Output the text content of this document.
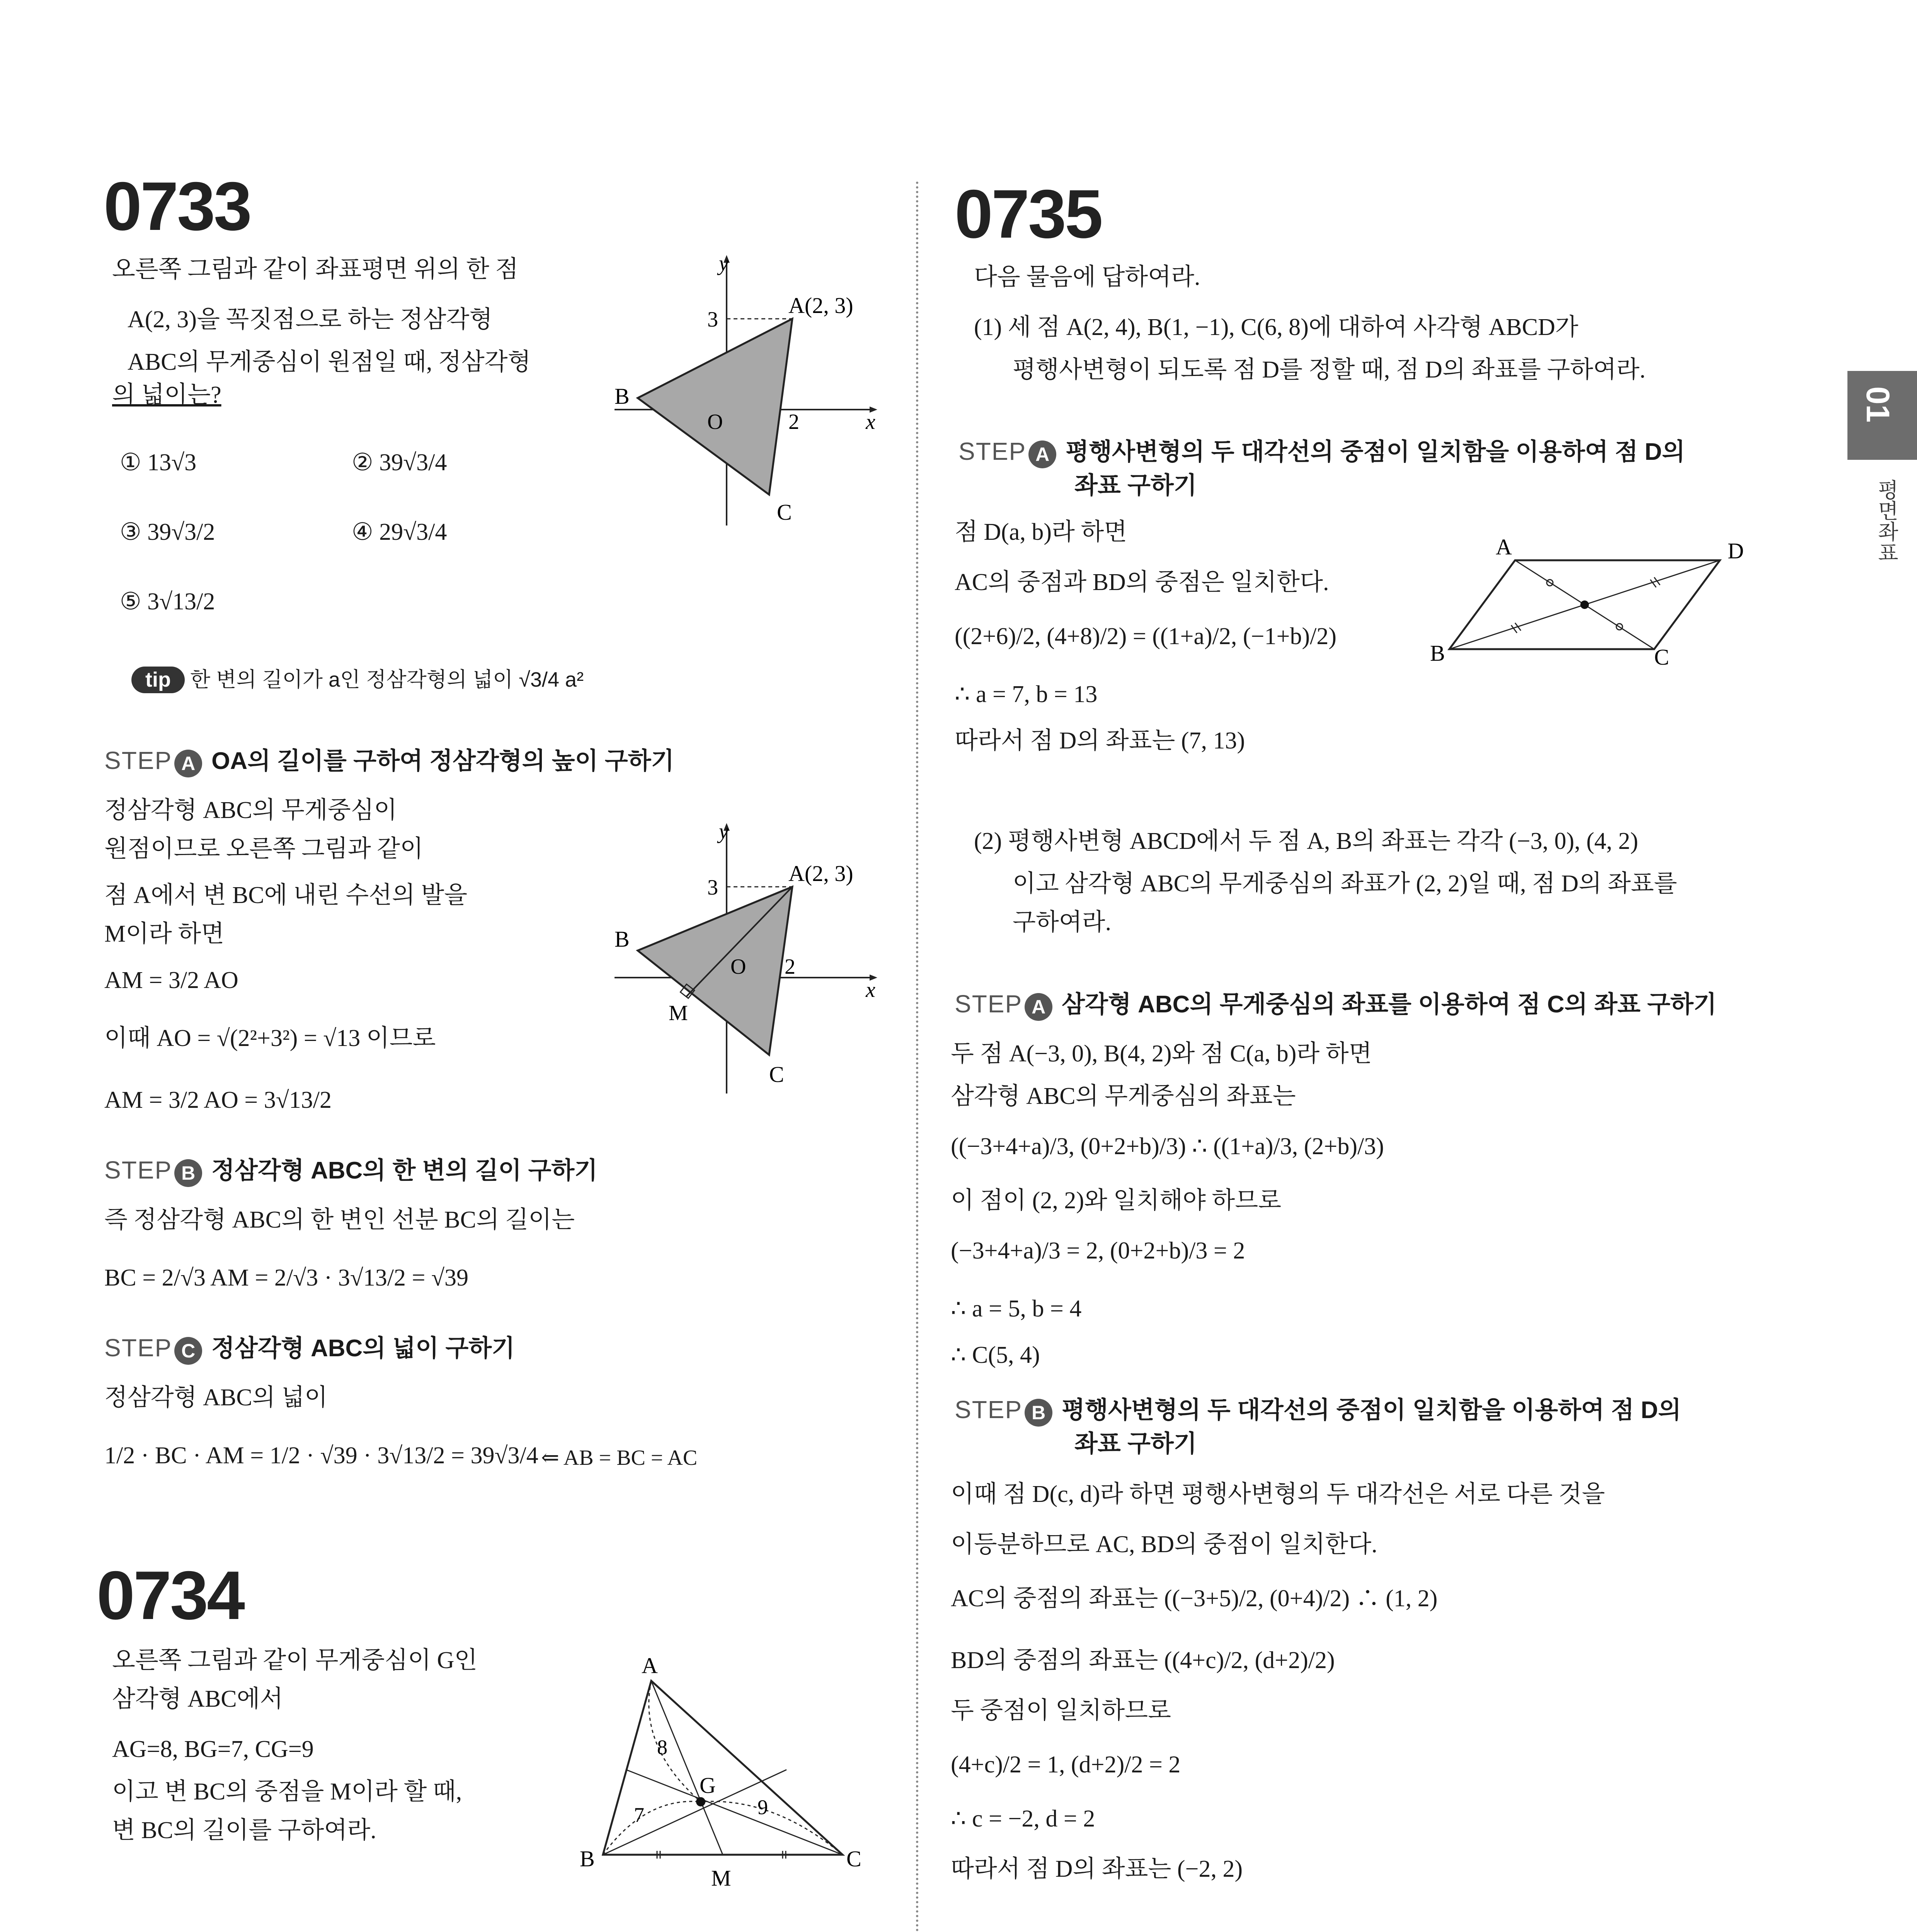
01
평면좌표
0733
오른쪽 그림과 같이 좌표평면 위의 한 점
A(2, 3)을 꼭짓점으로 하는 정삼각형
ABC의 무게중심이 원점일 때, 정삼각형
의 넓이는?
① 13√3	② 39√3/4
③ 39√3/2	④ 29√3/4
⑤ 3√13/2
tip 한 변의 길이가 a인 정삼각형의 넓이 √3/4 a²
y
x
A(2, 3)
3
B
O	2
C
STEP A OA의 길이를 구하여 정삼각형의 높이 구하기
정삼각형 ABC의 무게중심이
원점이므로 오른쪽 그림과 같이
점 A에서 변 BC에 내린 수선의 발을
M이라 하면
AM = 3/2 AO
이때 AO = √(2²+3²) = √13 이므로
AM = 3/2 AO = 3√13/2
y
x
A(2, 3)
3
B
O 2
M
C
STEP B 정삼각형 ABC의 한 변의 길이 구하기
즉 정삼각형 ABC의 한 변인 선분 BC의 길이는
BC = 2/√3 AM = 2/√3 · 3√13/2 = √39
STEP C 정삼각형 ABC의 넓이 구하기
정삼각형 ABC의 넓이
1/2 · BC · AM = 1/2 · √39 · 3√13/2 = 39√3/4 ⇐ AB = BC = AC
0734
오른쪽 그림과 같이 무게중심이 G인
삼각형 ABC에서
AG=8, BG=7, CG=9
이고 변 BC의 중점을 M이라 할 때,
변 BC의 길이를 구하여라.
A
B	C
G
M
8
7	9
0735
다음 물음에 답하여라.
(1) 세 점 A(2, 4), B(1, −1), C(6, 8)에 대하여 사각형 ABCD가
평행사변형이 되도록 점 D를 정할 때, 점 D의 좌표를 구하여라.
STEP A 평행사변형의 두 대각선의 중점이 일치함을 이용하여 점 D의
좌표 구하기
점 D(a, b)라 하면
AC의 중점과 BD의 중점은 일치한다.
((2+6)/2, (4+8)/2) = ((1+a)/2, (−1+b)/2)
∴ a = 7, b = 13
따라서 점 D의 좌표는 (7, 13)
A	D
B	C
(2) 평행사변형 ABCD에서 두 점 A, B의 좌표는 각각 (−3, 0), (4, 2)
이고 삼각형 ABC의 무게중심의 좌표가 (2, 2)일 때, 점 D의 좌표를
구하여라.
STEP A 삼각형 ABC의 무게중심의 좌표를 이용하여 점 C의 좌표 구하기
두 점 A(−3, 0), B(4, 2)와 점 C(a, b)라 하면
삼각형 ABC의 무게중심의 좌표는
((−3+4+a)/3, (0+2+b)/3) ∴ ((1+a)/3, (2+b)/3)
이 점이 (2, 2)와 일치해야 하므로
(−3+4+a)/3 = 2, (0+2+b)/3 = 2
∴ a = 5, b = 4
∴ C(5, 4)
STEP B 평행사변형의 두 대각선의 중점이 일치함을 이용하여 점 D의
좌표 구하기
이때 점 D(c, d)라 하면 평행사변형의 두 대각선은 서로 다른 것을
이등분하므로 AC, BD의 중점이 일치한다.
AC의 중점의 좌표는 ((−3+5)/2, (0+4)/2) ∴ (1, 2)
BD의 중점의 좌표는 ((4+c)/2, (d+2)/2)
두 중점이 일치하므로
(4+c)/2 = 1, (d+2)/2 = 2
∴ c = −2, d = 2
따라서 점 D의 좌표는 (−2, 2)
